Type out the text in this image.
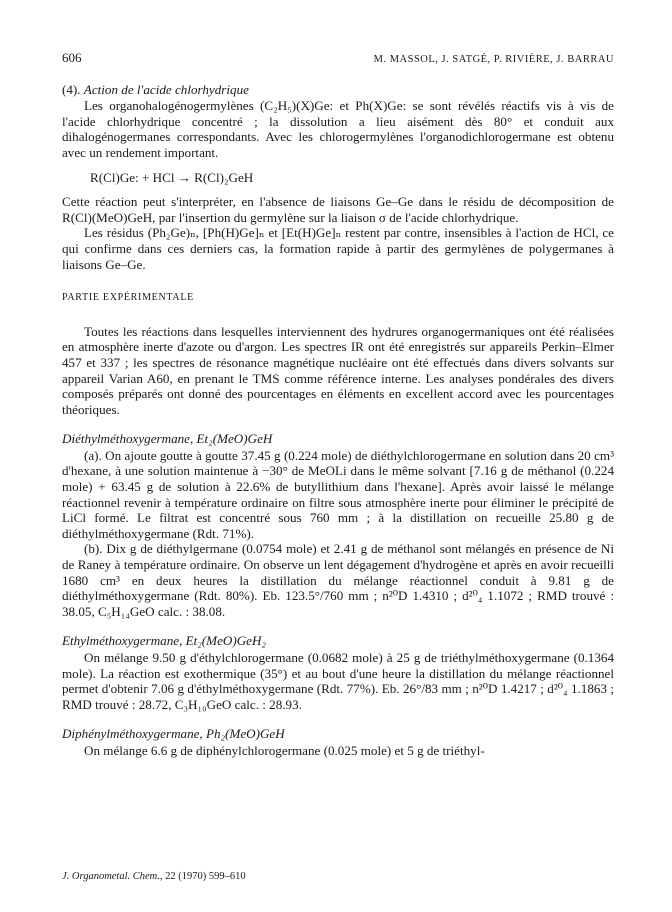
606	M. MASSOL, J. SATGÉ, P. RIVIÈRE, J. BARRAU
(4). Action de l'acide chlorhydrique

Les organohalogénogermylènes (C₂H₅)(X)Ge: et Ph(X)Ge: se sont révélés réactifs vis à vis de l'acide chlorhydrique concentré ; la dissolution a lieu aisément dès 80° et conduit aux dihalogénogermanes correspondants. Avec les chlorogermylènes l'organodichlorogermane est obtenu avec un rendement important.

R(Cl)Ge: + HCl → R(Cl)₂GeH

Cette réaction peut s'interpréter, en l'absence de liaisons Ge–Ge dans le résidu de décomposition de R(Cl)(MeO)GeH, par l'insertion du germylène sur la liaison σ de l'acide chlorhydrique.

Les résidus (Ph₂Ge)ₙ, [Ph(H)Ge]ₙ et [Et(H)Ge]ₙ restent par contre, insensibles à l'action de HCl, ce qui confirme dans ces derniers cas, la formation rapide à partir des germylènes de polygermanes à liaisons Ge–Ge.

PARTIE EXPÉRIMENTALE

Toutes les réactions dans lesquelles interviennent des hydrures organogermaniques ont été réalisées en atmosphère inerte d'azote ou d'argon. Les spectres IR ont été enregistrés sur appareils Perkin–Elmer 457 et 337 ; les spectres de résonance magnétique nucléaire ont été effectués dans divers solvants sur appareil Varian A60, en prenant le TMS comme référence interne. Les analyses pondérales des divers composés préparés ont donné des pourcentages en éléments en excellent accord avec les pourcentages théoriques.

Diéthylméthoxygermane, Et₂(MeO)GeH

(a). On ajoute goutte à goutte 37.45 g (0.224 mole) de diéthylchlorogermane en solution dans 20 cm³ d'hexane, à une solution maintenue à −30° de MeOLi dans le même solvant [7.16 g de méthanol (0.224 mole) + 63.45 g de solution à 22.6% de butyllithium dans l'hexane]. Après avoir laissé le mélange réactionnel revenir à température ordinaire on filtre sous atmosphère inerte pour éliminer le précipité de LiCl formé. Le filtrat est concentré sous 760 mm ; à la distillation on recueille 25.80 g de diéthylméthoxygermane (Rdt. 71%).

(b). Dix g de diéthylgermane (0.0754 mole) et 2.41 g de méthanol sont mélangés en présence de Ni de Raney à température ordinaire. On observe un lent dégagement d'hydrogène et après en avoir recueilli 1680 cm³ en deux heures la distillation du mélange réactionnel conduit à 9.81 g de diéthylméthoxygermane (Rdt. 80%). Eb. 123.5°/760 mm ; n²⁰D 1.4310 ; d²⁰₄ 1.1072 ; RMD trouvé : 38.05, C₅H₁₄GeO calc. : 38.08.

Ethylméthoxygermane, Et₂(MeO)GeH₂

On mélange 9.50 g d'éthylchlorogermane (0.0682 mole) à 25 g de triéthylméthoxygermane (0.1364 mole). La réaction est exothermique (35°) et au bout d'une heure la distillation du mélange réactionnel permet d'obtenir 7.06 g d'éthylméthoxygermane (Rdt. 77%). Eb. 26°/83 mm ; n²⁰D 1.4217 ; d²⁰₄ 1.1863 ; RMD trouvé : 28.72, C₃H₁₀GeO calc. : 28.93.

Diphénylméthoxygermane, Ph₂(MeO)GeH

On mélange 6.6 g de diphénylchlorogermane (0.025 mole) et 5 g de triéthyl-

J. Organometal. Chem., 22 (1970) 599–610
